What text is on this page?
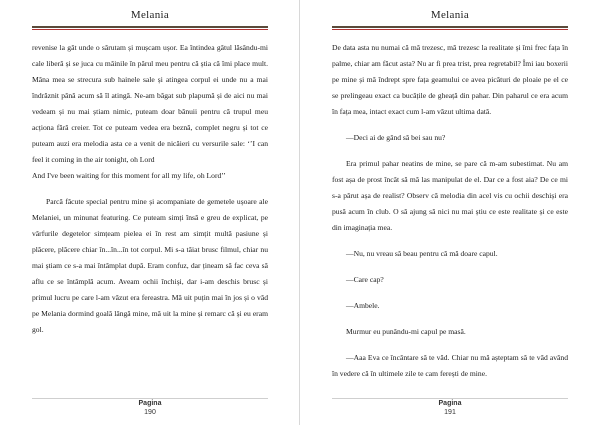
Melania

revenise la gât unde o sărutam și mușcam ușor. Ea întindea gâtul lăsându-mi cale liberă și se juca cu mâinile în părul meu pentru că știa că îmi place mult. Mâna mea se strecura sub hainele sale și atingea corpul ei unde nu a mai îndrăznit până acum să îl atingă. Ne-am băgat sub plapumă și de aici nu mai vedeam și nu mai știam nimic, puteam doar bănuii pentru că trupul meu acționa fără creier. Tot ce puteam vedea era beznă, complet negru și tot ce puteam auzi era melodia asta ce a venit de nicăieri cu versurile sale: ‘’I can feel it coming in the air tonight, oh Lord

And I've been waiting for this moment for all my life, oh Lord’’

Parcă făcute special pentru mine și acompaniate de gemetele ușoare ale Melaniei, un minunat featuring. Ce puteam simți însă e greu de explicat, pe vârfurile degetelor simțeam pielea ei în rest am simțit multă pasiune și plăcere, plăcere chiar în...în...în tot corpul. Mi s-a tăiat brusc filmul, chiar nu mai știam ce s-a mai întâmplat după. Eram confuz, dar țineam să fac ceva să aflu ce se întâmplă acum. Aveam ochii închiși, dar i-am deschis brusc și primul lucru pe care l-am văzut era fereastra. Mă uit puțin mai în jos și o văd pe Melania dormind goală lângă mine, mă uit la mine și remarc că și eu eram gol.

Pagina
190
Melania

De data asta nu numai că mă trezesc, mă trezesc la realitate și îmi frec fața în palme, chiar am făcut asta? Nu ar fi prea trist, prea regretabil? Îmi iau boxerii pe mine și mă îndrept spre fața geamului ce avea picături de ploaie pe el ce se prelingeau exact ca bucățile de gheață din pahar. Din paharul ce era acum în fața mea, intact exact cum l-am văzut ultima dată.

—Deci ai de gând să bei sau nu?

Era primul pahar neatins de mine, se pare că m-am subestimat. Nu am fost așa de prost încât să mă las manipulat de el. Dar ce a fost aia? De ce mi s-a părut așa de realist? Observ că melodia din acel vis cu ochii deschiși era pusă acum în club. O să ajung să nici nu mai știu ce este realitate și ce este din imaginația mea.

—Nu, nu vreau să beau pentru că mă doare capul.

—Care cap?

—Ambele.

Murmur eu punându-mi capul pe masă.

—Aaa Eva ce încântare să te văd. Chiar nu mă așteptam să te văd având în vedere că în ultimele zile te cam ferești de mine.

Pagina
191
